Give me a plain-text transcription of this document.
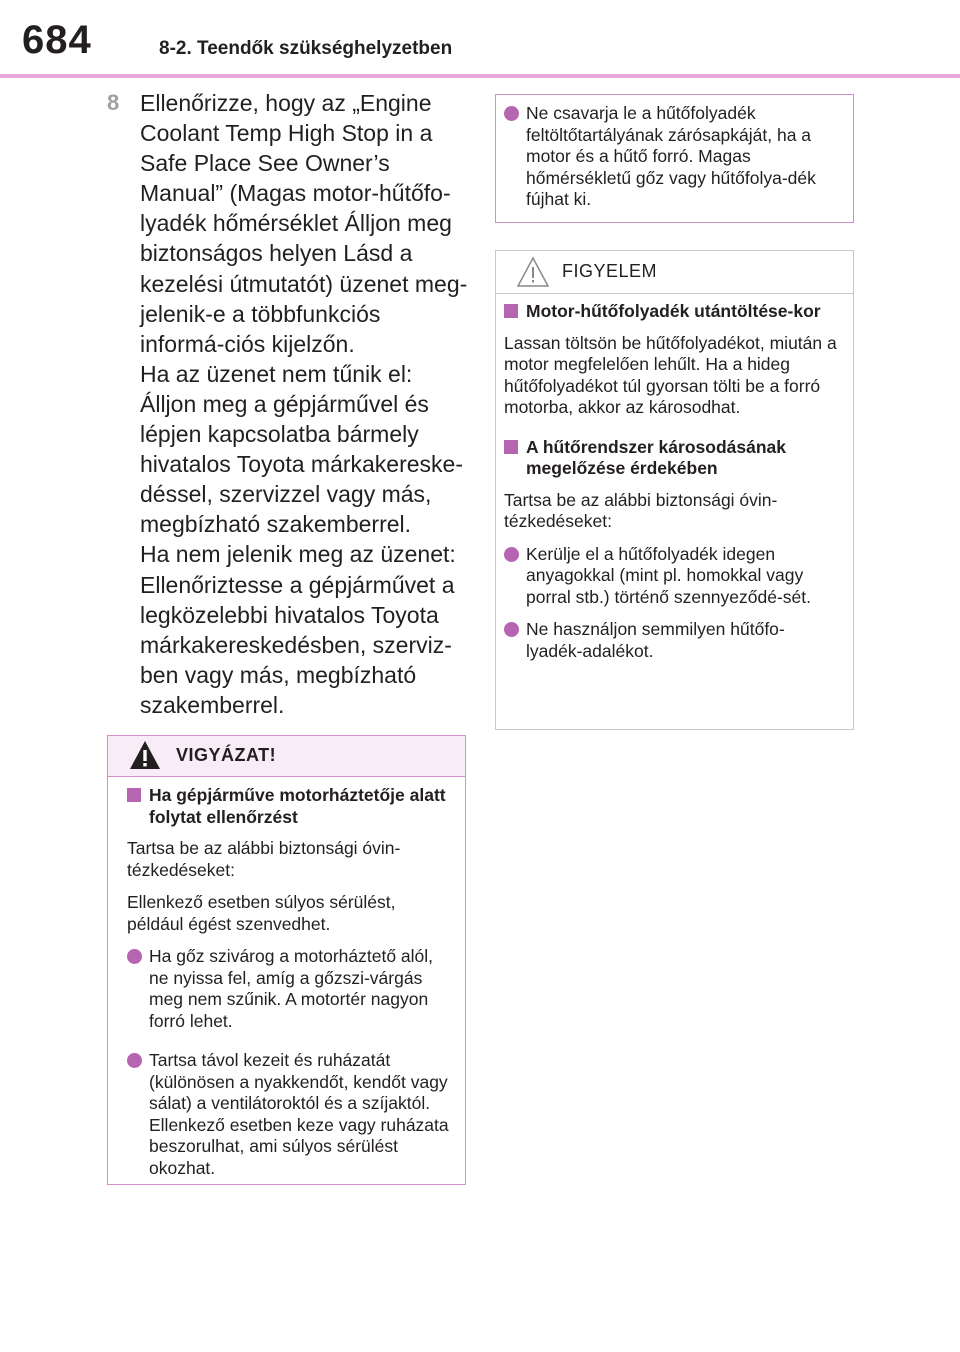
684	8-2. Teendők szükséghelyzetben
8 Ellenőrizze, hogy az „Engine Coolant Temp High Stop in a Safe Place See Owner’s Manual” (Magas motor-hűtőfo-lyadék hőmérséklet Álljon meg biztonságos helyen Lásd a kezelési útmutatót) üzenet meg-jelenik-e a többfunkciós informá-ciós kijelzőn.

Ha az üzenet nem tűnik el: Álljon meg a gépjárművel és lépjen kapcsolatba bármely hivatalos Toyota márkakereske-déssel, szervizzel vagy más, megbízható szakemberrel.

Ha nem jelenik meg az üzenet: Ellenőriztesse a gépjárművet a legközelebbi hivatalos Toyota márkakereskedésben, szerviz-ben vagy más, megbízható szakemberrel.

VIGYÁZAT!
Ha gépjárműve motorháztetője alatt folytat ellenőrzést
Tartsa be az alábbi biztonsági óvin-tézkedéseket:
Ellenkező esetben súlyos sérülést, például égést szenvedhet.
Ha gőz szivárog a motorháztető alól, ne nyissa fel, amíg a gőzszi-várgás meg nem szűnik. A motortér nagyon forró lehet.
Tartsa távol kezeit és ruházatát (különösen a nyakkendőt, kendőt vagy sálat) a ventilátoroktól és a szíjaktól. Ellenkező esetben keze vagy ruházata beszorulhat, ami súlyos sérülést okozhat.
Ne csavarja le a hűtőfolyadék feltöltőtartályának zárósapkáját, ha a motor és a hűtő forró. Magas hőmérsékletű gőz vagy hűtőfolya-dék fújhat ki.
FIGYELEM
Motor-hűtőfolyadék utántöltése-kor
Lassan töltsön be hűtőfolyadékot, miután a motor megfelelően lehűlt. Ha a hideg hűtőfolyadékot túl gyorsan tölti be a forró motorba, akkor az károsodhat.
A hűtőrendszer károsodásának megelőzése érdekében
Tartsa be az alábbi biztonsági óvin-tézkedéseket:
Kerülje el a hűtőfolyadék idegen anyagokkal (mint pl. homokkal vagy porral stb.) történő szennyeződé-sét.
Ne használjon semmilyen hűtőfo-lyadék-adalékot.
